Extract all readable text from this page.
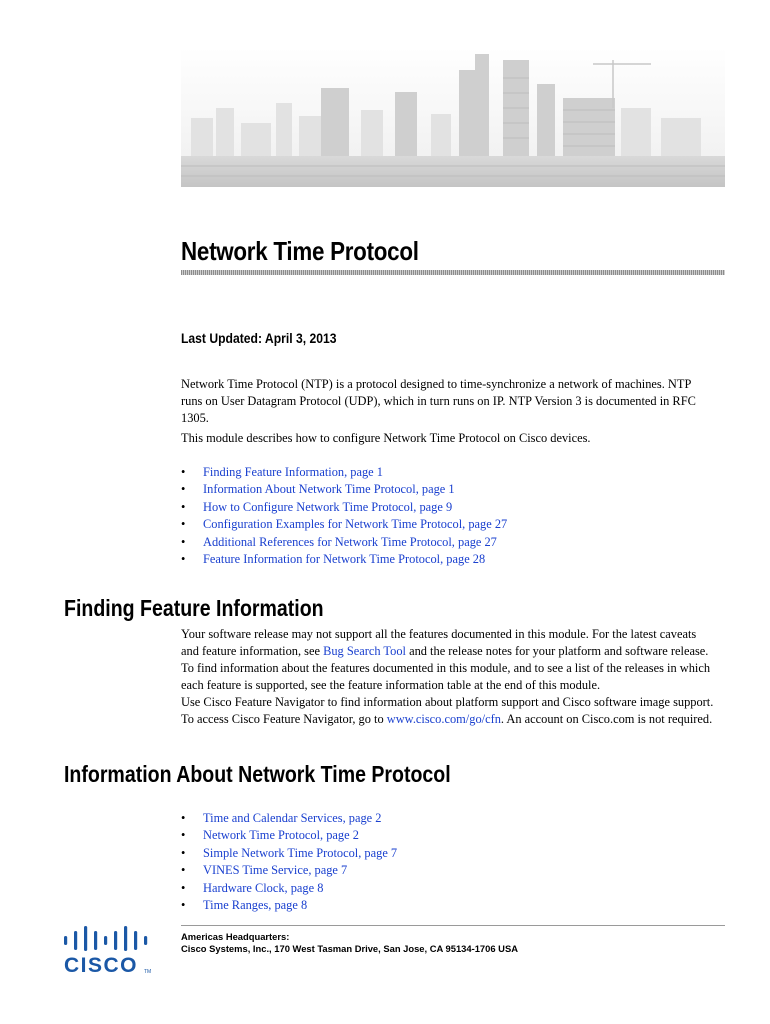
Network Time Protocol

Last Updated: April 3, 2013

Network Time Protocol (NTP) is a protocol designed to time-synchronize a network of machines. NTP
runs on User Datagram Protocol (UDP), which in turn runs on IP. NTP Version 3 is documented in RFC
1305.

This module describes how to configure Network Time Protocol on Cisco devices.

• Finding Feature Information, page 1
• Information About Network Time Protocol, page 1
• How to Configure Network Time Protocol, page 9
• Configuration Examples for Network Time Protocol, page 27
• Additional References for Network Time Protocol, page 27
• Feature Information for Network Time Protocol, page 28
Finding Feature Information

Your software release may not support all the features documented in this module. For the latest caveats
and feature information, see Bug Search Tool and the release notes for your platform and software release.
To find information about the features documented in this module, and to see a list of the releases in which
each feature is supported, see the feature information table at the end of this module.

Use Cisco Feature Navigator to find information about platform support and Cisco software image support.
To access Cisco Feature Navigator, go to www.cisco.com/go/cfn. An account on Cisco.com is not required.

Information About Network Time Protocol
• Time and Calendar Services, page 2
• Network Time Protocol, page 2
• Simple Network Time Protocol, page 7
• VINES Time Service, page 7
• Hardware Clock, page 8
• Time Ranges, page 8
CISCO TM
Americas Headquarters:
Cisco Systems, Inc., 170 West Tasman Drive, San Jose, CA 95134-1706 USA
